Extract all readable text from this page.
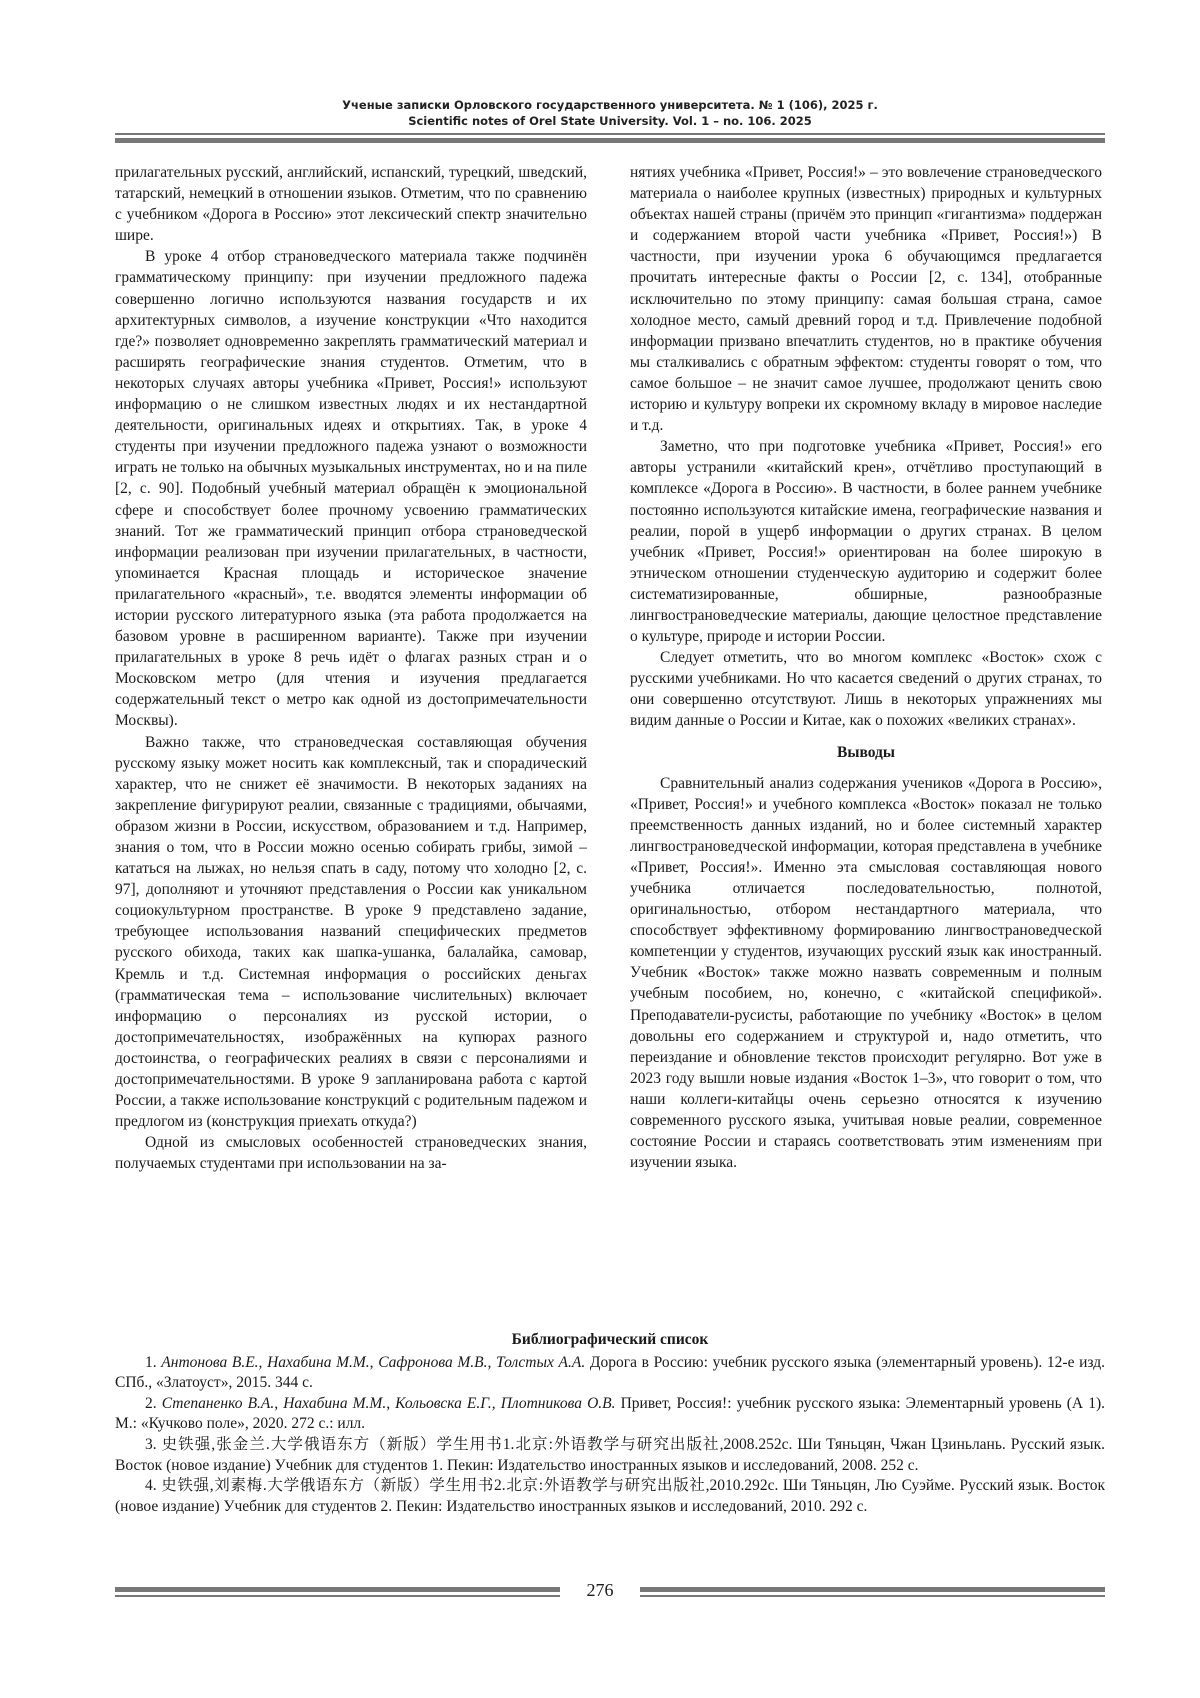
Ученые записки Орловского государственного университета. № 1 (106), 2025 г.
Scientific notes of Orel State University. Vol. 1 – no. 106. 2025

прилагательных русский, английский, испанский, турецкий, шведский, татарский, немецкий в отношении языков. Отметим, что по сравнению с учебником «Дорога в Россию» этот лексический спектр значительно шире.

В уроке 4 отбор страноведческого материала также подчинён грамматическому принципу: при изучении предложного падежа совершенно логично используются названия государств и их архитектурных символов, а изучение конструкции «Что находится где?» позволяет одновременно закреплять грамматический материал и расширять географические знания студентов. Отметим, что в некоторых случаях авторы учебника «Привет, Россия!» используют информацию о не слишком известных людях и их нестандартной деятельности, оригинальных идеях и открытиях. Так, в уроке 4 студенты при изучении предложного падежа узнают о возможности играть не только на обычных музыкальных инструментах, но и на пиле [2, с. 90]. Подобный учебный материал обращён к эмоциональной сфере и способствует более прочному усвоению грамматических знаний. Тот же грамматический принцип отбора страноведческой информации реализован при изучении прилагательных, в частности, упоминается Красная площадь и историческое значение прилагательного «красный», т.е. вводятся элементы информации об истории русского литературного языка (эта работа продолжается на базовом уровне в расширенном варианте). Также при изучении прилагательных в уроке 8 речь идёт о флагах разных стран и о Московском метро (для чтения и изучения предлагается содержательный текст о метро как одной из достопримечательности Москвы).

Важно также, что страноведческая составляющая обучения русскому языку может носить как комплексный, так и спорадический характер, что не снижет её значимости. В некоторых заданиях на закрепление фигурируют реалии, связанные с традициями, обычаями, образом жизни в России, искусством, образованием и т.д. Например, знания о том, что в России можно осенью собирать грибы, зимой – кататься на лыжах, но нельзя спать в саду, потому что холодно [2, с. 97], дополняют и уточняют представления о России как уникальном социокультурном пространстве. В уроке 9 представлено задание, требующее использования названий специфических предметов русского обихода, таких как шапка-ушанка, балалайка, самовар, Кремль и т.д. Системная информация о российских деньгах (грамматическая тема – использование числительных) включает информацию о персоналиях из русской истории, о достопримечательностях, изображённых на купюрах разного достоинства, о географических реалиях в связи с персоналиями и достопримечательностями. В уроке 9 запланирована работа с картой России, а также использование конструкций с родительным падежом и предлогом из (конструкция приехать откуда?)

Одной из смысловых особенностей страноведческих знания, получаемых студентами при использовании на за-

нятиях учебника «Привет, Россия!» – это вовлечение страноведческого материала о наиболее крупных (известных) природных и культурных объектах нашей страны (причём это принцип «гигантизма» поддержан и содержанием второй части учебника «Привет, Россия!») В частности, при изучении урока 6 обучающимся предлагается прочитать интересные факты о России [2, с. 134], отобранные исключительно по этому принципу: самая большая страна, самое холодное место, самый древний город и т.д. Привлечение подобной информации призвано впечатлить студентов, но в практике обучения мы сталкивались с обратным эффектом: студенты говорят о том, что самое большое – не значит самое лучшее, продолжают ценить свою историю и культуру вопреки их скромному вкладу в мировое наследие и т.д.

Заметно, что при подготовке учебника «Привет, Россия!» его авторы устранили «китайский крен», отчётливо проступающий в комплексе «Дорога в Россию». В частности, в более раннем учебнике постоянно используются китайские имена, географические названия и реалии, порой в ущерб информации о других странах. В целом учебник «Привет, Россия!» ориентирован на более широкую в этническом отношении студенческую аудиторию и содержит более систематизированные, обширные, разнообразные лингвострановедческие материалы, дающие целостное представление о культуре, природе и истории России.

Следует отметить, что во многом комплекс «Восток» схож с русскими учебниками. Но что касается сведений о других странах, то они совершенно отсутствуют. Лишь в некоторых упражнениях мы видим данные о России и Китае, как о похожих «великих странах».

Выводы

Сравнительный анализ содержания учеников «Дорога в Россию», «Привет, Россия!» и учебного комплекса «Восток» показал не только преемственность данных изданий, но и более системный характер лингвострановедческой информации, которая представлена в учебнике «Привет, Россия!». Именно эта смысловая составляющая нового учебника отличается последовательностью, полнотой, оригинальностью, отбором нестандартного материала, что способствует эффективному формированию лингвострановедческой компетенции у студентов, изучающих русский язык как иностранный. Учебник «Восток» также можно назвать современным и полным учебным пособием, но, конечно, с «китайской спецификой». Преподаватели-русисты, работающие по учебнику «Восток» в целом довольны его содержанием и структурой и, надо отметить, что переиздание и обновление текстов происходит регулярно. Вот уже в 2023 году вышли новые издания «Восток 1–3», что говорит о том, что наши коллеги-китайцы очень серьезно относятся к изучению современного русского языка, учитывая новые реалии, современное состояние России и стараясь соответствовать этим изменениям при изучении языка.

Библиографический список

1. Антонова В.Е., Нахабина М.М., Сафронова М.В., Толстых А.А. Дорога в Россию: учебник русского языка (элементарный уровень). 12-е изд. СПб., «Златоуст», 2015. 344 с.

2. Степаненко В.А., Нахабина М.М., Кольовска Е.Г., Плотникова О.В. Привет, Россия!: учебник русского языка: Элементарный уровень (А 1). М.: «Кучково поле», 2020. 272 с.: илл.

3. 史铁强,张金兰.大学俄语东方（新版）学生用书1.北京:外语教学与研究出版社,2008.252c. Ши Тяньцян, Чжан Цзиньлань. Русский язык. Восток (новое издание) Учебник для студентов 1. Пекин: Издательство иностранных языков и исследований, 2008. 252 с.

4. 史铁强,刘素梅.大学俄语东方（新版）学生用书2.北京:外语教学与研究出版社,2010.292c. Ши Тяньцян, Лю Суэйме. Русский язык. Восток (новое издание) Учебник для студентов 2. Пекин: Издательство иностранных языков и исследований, 2010. 292 с.

276
